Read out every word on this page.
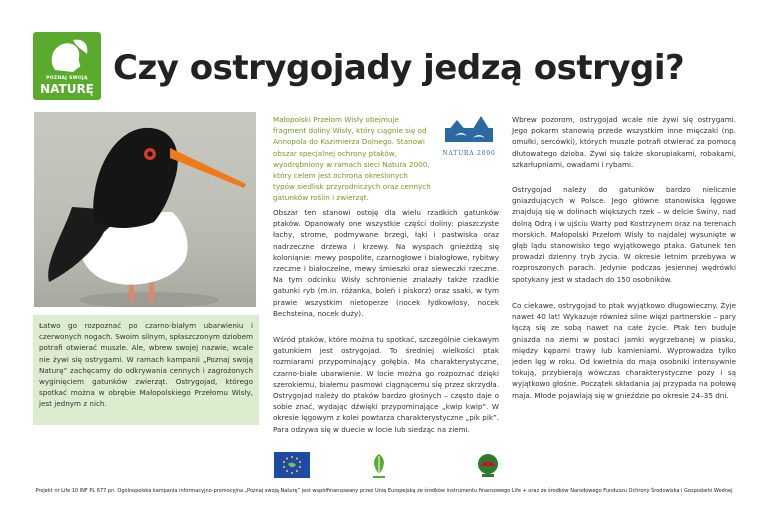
POZNAJ SWOJĄ
NATURĘ
Czy ostrygojady jedzą ostrygi?

Łatwo go rozpoznać po czarno-białym ubarwieniu i czerwonych nogach. Swoim silnym, spłaszczonym dziobem potrafi otwierać muszle. Ale, wbrew swojej nazwie, wcale nie żywi się ostrygami. W ramach kampanii „Poznaj swoją Naturę” zachęcamy do odkrywania cennych i zagrożonych wyginięciem gatunków zwierząt. Ostrygojad, którego spotkać można w obrębie Małopolskiego Przełomu Wisły, jest jednym z nich.

Małopolski Przełom Wisły obejmuje fragment doliny Wisły, który ciągnie się od Annopola do Kazimierza Dolnego. Stanowi obszar specjalnej ochrony ptaków, wyodrębniony w ramach sieci Natura 2000, który celem jest ochrona określonych typów siedlisk przyrodniczych oraz cennych gatunków roślin i zwierząt.
NATURA 2000

Obszar ten stanowi ostoję dla wielu rzadkich gatunków ptaków. Opanowały one wszystkie części doliny: piaszczyste łachy, strome, podmywane brzegi, łąki i pastwiska oraz nadrzeczne drzewa i krzewy. Na wyspach gnieżdżą się koloniąnie: mewy pospolite, czarnogłowe i białogłowe, rybitwy rzeczne i białoczelne, mewy śmieszki oraz sieweczki rzeczne. Na tym odcinku Wisły schronienie znalazły także rzadkie gatunki ryb (m.in. różanka, boleń i piskorz) oraz ssaki, w tym prawie wszystkim nietoperze (nocek łydkowłosy, nocek Bechsteina, nocek duży).

Wśród ptaków, które można tu spotkać, szczególnie ciekawym gatunkiem jest ostrygojad. To średniej wielkości ptak rozmiarami przypominający gołębia. Ma charakterystyczne, czarno-białe ubarwienie. W locie można go rozpoznać dzięki szerokiemu, białemu pasmowi ciągnącemu się przez skrzydła. Ostrygojad należy do ptaków bardzo głośnych – często daje o sobie znać, wydając dźwięki przypominające „kwip kwip”. W okresie lęgowym z kolei powtarza charakterystyczne „pik pik”. Para odzywa się w duecie w locie lub siedząc na ziemi.

Wbrew pozorom, ostrygojad wcale nie żywi się ostrygami. Jego pokarm stanowią przede wszystkim inne mięczaki (np. omułki, sercówki), których muszle potrafi otwierać za pomocą dłutowatego dzioba. Żywi się także skorupiakami, robakami, szkarłupniami, owadami i rybami.

Ostrygojad należy do gatunków bardzo nielicznie gniazdujących w Polsce. Jego główne stanowiska lęgowe znajdują się w dolinach większych rzek – w delcie Świny, nad dolną Odrą i w ujściu Warty pod Kostrzynem oraz na terenach morskich. Małopolski Przełom Wisły to najdalej wysunięte w głąb lądu stanowisko tego wyjątkowego ptaka. Gatunek ten prowadzi dzienny tryb życia. W okresie letnim przebywa w rozproszonych parach. Jedynie podczas jesiennej wędrówki spotykany jest w stadach do 150 osobników.

Co ciekawe, ostrygojad to ptak wyjątkowo długowieczny. Żyje nawet 40 lat! Wykazuje również silne więzi partnerskie – pary łączą się ze sobą nawet na całe życie. Ptak ten buduje gniazda na ziemi w postaci jamki wygrzebanej w piasku, między kępami trawy lub kamieniami. Wyprowadza tylko jeden lęg w roku. Od kwietnia do maja osobniki intensywnie tokują, przybierają wówczas charakterystyczne pozy i są wyjątkowo głośne. Początek składania jaj przypada na połowę maja. Młode pojawiają się w gnieździe po okresie 24–35 dni.

Projekt nr Life 10 INF PL 677 pn. Ogólnopolska kampania informacyjno-promocyjna „Poznaj swoją Naturę” jest współfinansowany przez Unię Europejską ze środków instrumentu finansowego Life + oraz ze środków Narodowego Funduszu Ochrony Środowiska i Gospodarki Wodnej
